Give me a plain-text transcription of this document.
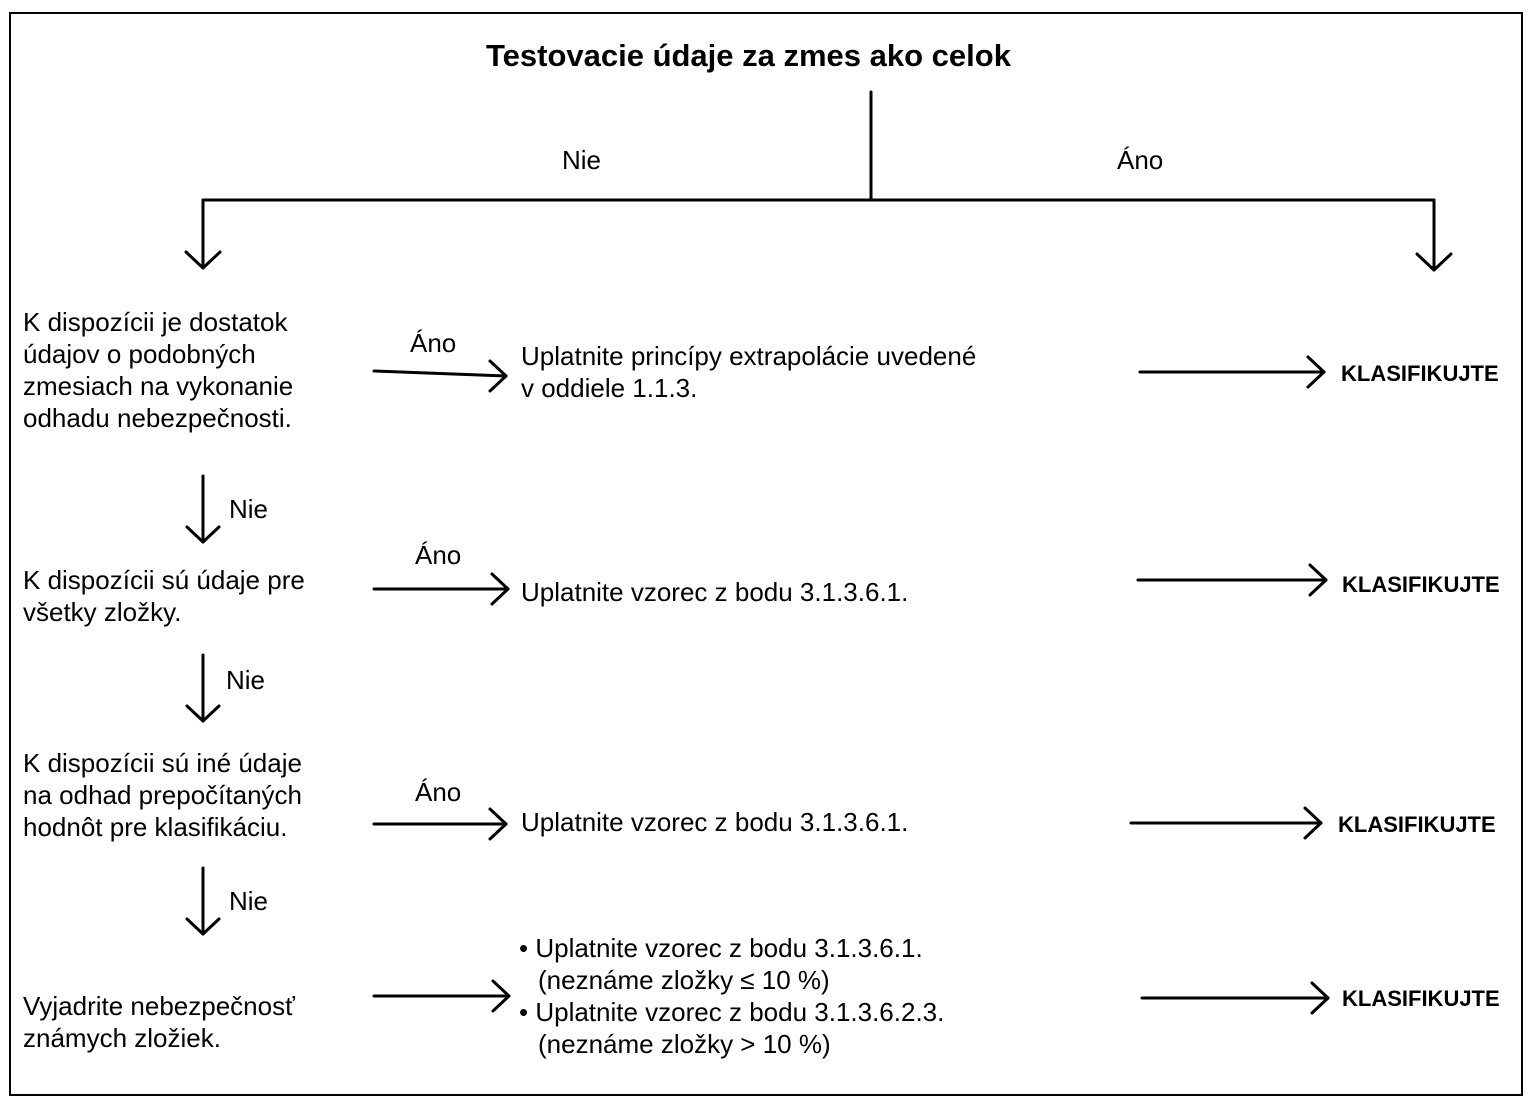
Testovacie údaje za zmes ako celok
Nie	Áno
K dispozícii je dostatok
údajov o podobných
zmesiach na vykonanie
odhadu nebezpečnosti.
K dispozícii sú údaje pre
všetky zložky.
K dispozícii sú iné údaje
na odhad prepočítaných
hodnôt pre klasifikáciu.
Vyjadrite nebezpečnosť
známych zložiek.
Áno
Áno
Áno
Nie
Nie
Nie
Uplatnite princípy extrapolácie uvedené
v oddiele 1.1.3.
Uplatnite vzorec z bodu 3.1.3.6.1.
Uplatnite vzorec z bodu 3.1.3.6.1.
• Uplatnite vzorec z bodu 3.1.3.6.1.
(neznáme zložky ≤ 10 %)
• Uplatnite vzorec z bodu 3.1.3.6.2.3.
(neznáme zložky > 10 %)
KLASIFIKUJTE
KLASIFIKUJTE
KLASIFIKUJTE
KLASIFIKUJTE
